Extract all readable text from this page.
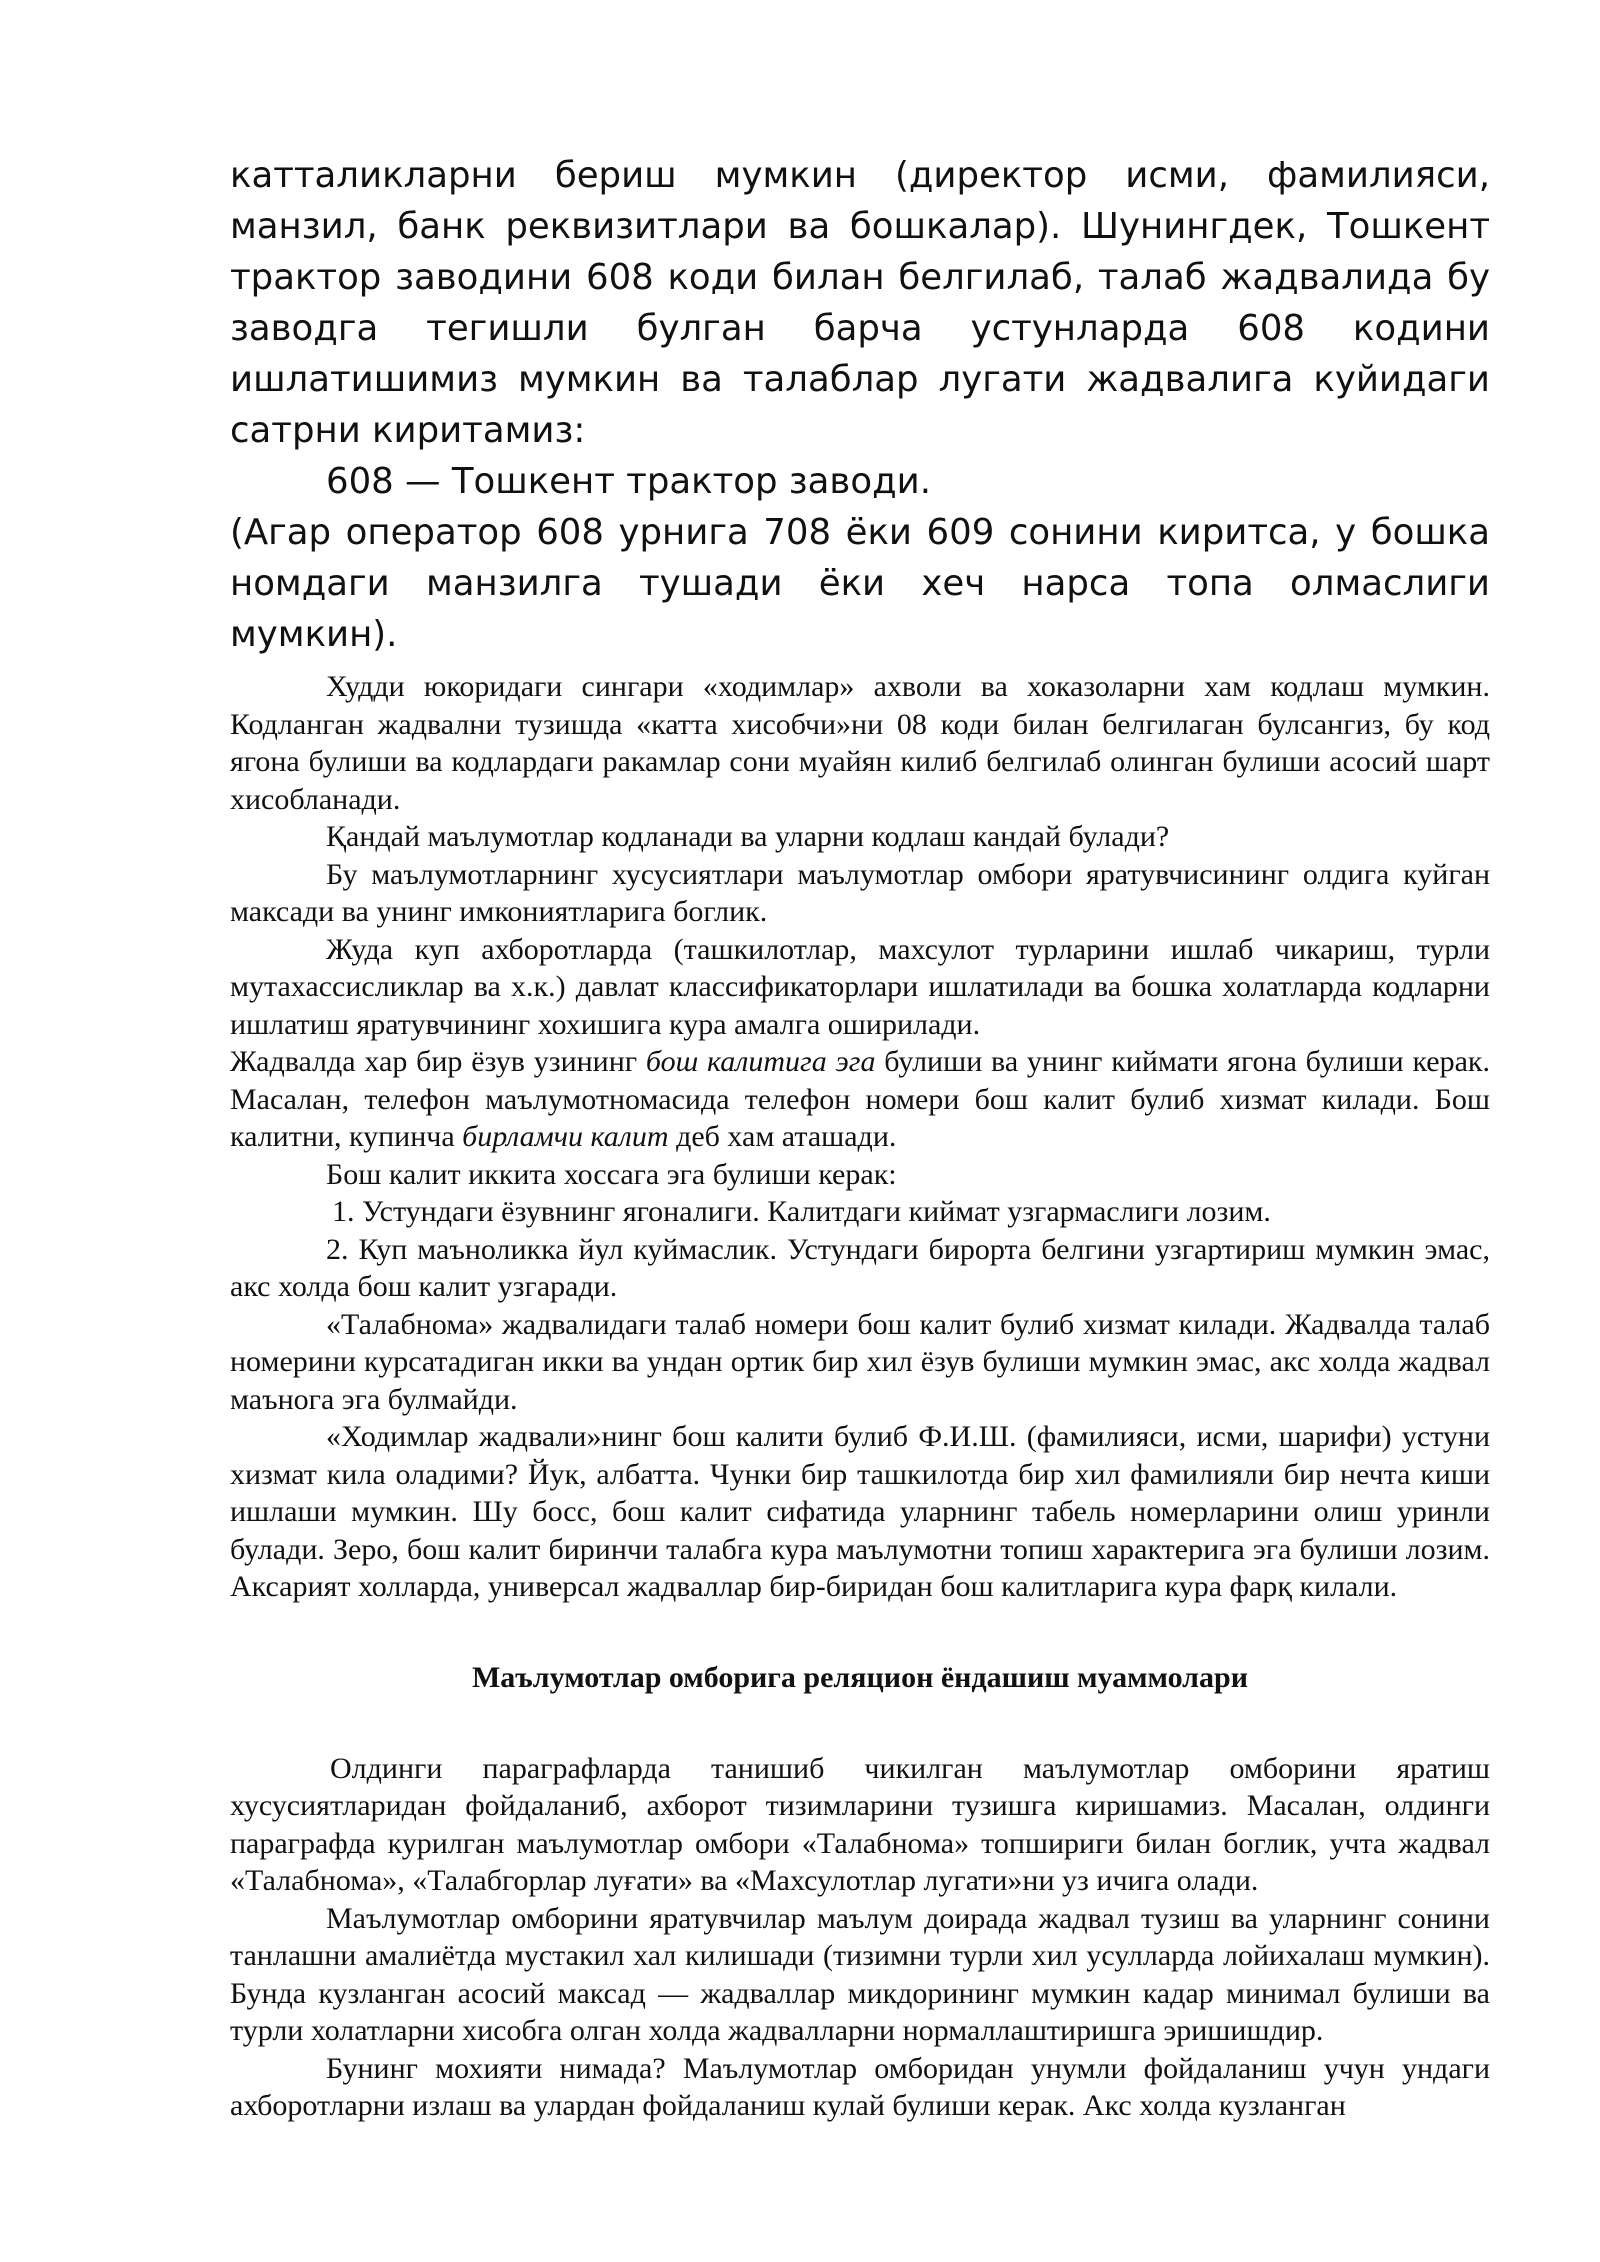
катталикларни бериш мумкин (директор исми, фамилияси, манзил, банк реквизитлари ва бошкалар). Шунингдек, Тошкент трактор заводини 608 коди билан белгилаб, талаб жадвалида бу заводга тегишли булган барча устунларда 608 кодини ишлатишимиз мумкин ва талаблар лугати жадвалига куйидаги сатрни киритамиз:

608 — Тошкент трактор заводи.

(Агар оператор 608 урнига 708 ёки 609 сонини киритса, у бошка номдаги манзилга тушади ёки хеч нарса топа олмаслиги мумкин).

Худди юкоридаги сингари «ходимлар» ахволи ва хоказоларни хам кодлаш мумкин. Кодланган жадвални тузишда «катта хисобчи»ни 08 коди билан белгилаган булсангиз, бу код ягона булиши ва кодлардаги ракамлар сони муайян килиб белгилаб олинган булиши асосий шарт хисобланади.

Қандай маълумотлар кодланади ва уларни кодлаш кандай булади?

Бу маълумотларнинг хусусиятлари маълумотлар омбори яратувчисининг олдига куйган максади ва унинг имкониятларига боглик.

Жуда куп ахборотларда (ташкилотлар, махсулот турларини ишлаб чикариш, турли мутахассисликлар ва х.к.) давлат классификаторлари ишлатилади ва бошка холатларда кодларни ишлатиш яратувчининг хохишига кура амалга оширилади.

Жадвалда хар бир ёзув узининг бош калитига эга булиши ва унинг киймати ягона булиши керак. Масалан, телефон маълумотномасида телефон номери бош калит булиб хизмат килади. Бош калитни, купинча бирламчи калит деб хам аташади.

Бош калит иккита хоссага эга булиши керак:

1. Устундаги ёзувнинг ягоналиги. Калитдаги киймат узгармаслиги лозим.

2. Куп маъноликка йул куймаслик. Устундаги бирорта белгини узгартириш мумкин эмас, акс холда бош калит узгаради.

«Талабнома» жадвалидаги талаб номери бош калит булиб хизмат килади. Жадвалда талаб номерини курсатадиган икки ва ундан ортик бир хил ёзув булиши мумкин эмас, акс холда жадвал маънога эга булмайди.

«Ходимлар жадвали»нинг бош калити булиб Ф.И.Ш. (фамилияси, исми, шарифи) устуни хизмат кила оладими? Йук, албатта. Чунки бир ташкилотда бир хил фамилияли бир нечта киши ишлаши мумкин. Шу босс, бош калит сифатида уларнинг табель номерларини олиш уринли булади. Зеро, бош калит биринчи талабга кура маълумотни топиш характерига эга булиши лозим. Аксарият холларда, универсал жадваллар бир-биридан бош калитларига кура фарқ килали.

Маълумотлар омборига реляцион ёндашиш муаммолари

Олдинги параграфларда танишиб чикилган маълумотлар омборини яратиш хусусиятларидан фойдаланиб, ахборот тизимларини тузишга киришамиз. Масалан, олдинги параграфда курилган маълумотлар омбори «Талабнома» топшириги билан боглик, учта жадвал «Талабнома», «Талабгорлар луғати» ва «Махсулотлар лугати»ни уз ичига олади.

Маълумотлар омборини яратувчилар маълум доирада жадвал тузиш ва уларнинг сонини танлашни амалиётда мустакил хал килишади (тизимни турли хил усулларда лойихалаш мумкин). Бунда кузланган асосий максад — жадваллар микдорининг мумкин кадар минимал булиши ва турли холатларни хисобга олган холда жадвалларни нормаллаштиришга эришишдир.

Бунинг мохияти нимада? Маълумотлар омборидан унумли фойдаланиш учун ундаги ахборотларни излаш ва улардан фойдаланиш кулай булиши керак. Акс холда кузланган
